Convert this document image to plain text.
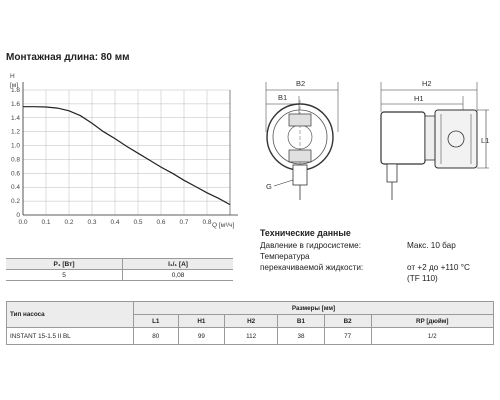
Монтажная длина: 80 мм
0.0 0.1 0.2 0.3 0.4 0.5 0.6 0.7 0.8
0
0.2
0.4
0.6
0.8
1.0
1.2
1.4
1.6
1.8
H
[м]
Q [м³/ч]
P₁ [Вт]	I₁/₁ [A]
5	0,08
B2
B1
G
H2
H1
L1
Технические данные
Давление в гидросистеме:	Макс. 10 бар
Температура
перекачиваемой жидкости:	от +2 до +110 °C
(TF 110)
Тип насоса	Размеры [мм]					
	L1	H1	H2	B1	B2	RP [дюйм]
INSTANT 15-1.5 II BL	80	99	112	38	77	1/2
